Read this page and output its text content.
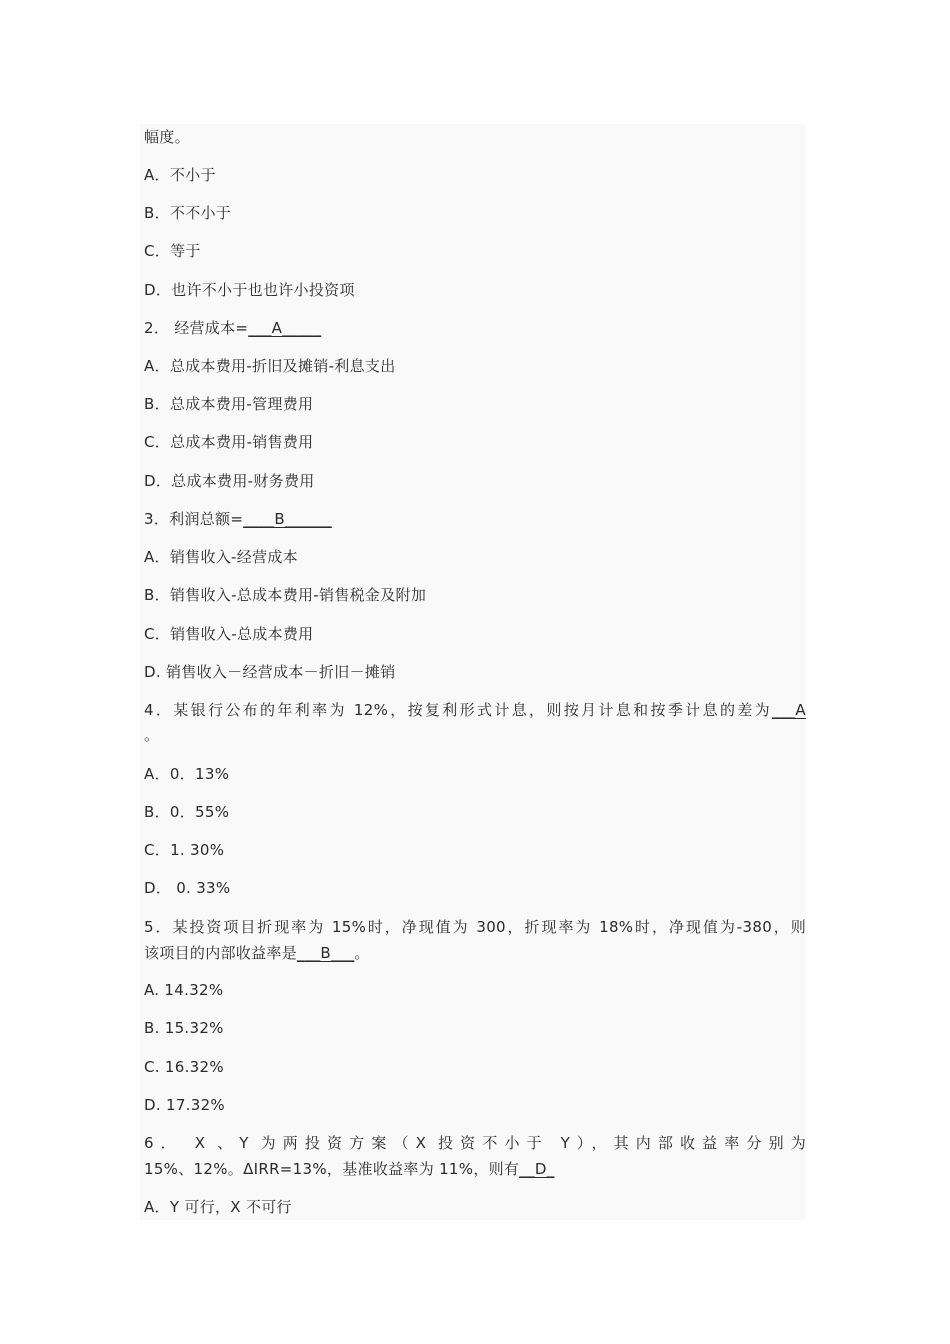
幅度。
A．不小于
B．不不小于
C．等于
D．也许不小于也也许小投资项
2． 经营成本=___A_____
A．总成本费用-折旧及摊销-利息支出
B．总成本费用-管理费用
C．总成本费用-销售费用
D．总成本费用-财务费用
3．利润总额=____B______
A．销售收入-经营成本
B．销售收入-总成本费用-销售税金及附加
C．销售收入-总成本费用
D. 销售收入－经营成本－折旧－摊销
4．某银行公布的年利率为 12%，按复利形式计息，则按月计息和按季计息的差为___A
。
A．0．13%
B．0．55%
C．1. 30%
D． 0. 33%
5．某投资项目折现率为 15%时，净现值为 300，折现率为 18%时，净现值为-380，则
该项目的内部收益率是___B___。
A. 14.32%
B. 15.32%
C. 16.32%
D. 17.32%
6． X 、Y 为两投资方案（X 投资不小于 Y），其内部收益率分别为
15%、12%。ΔIRR=13%，基准收益率为 11%，则有__D_
A．Y 可行，X 不可行
